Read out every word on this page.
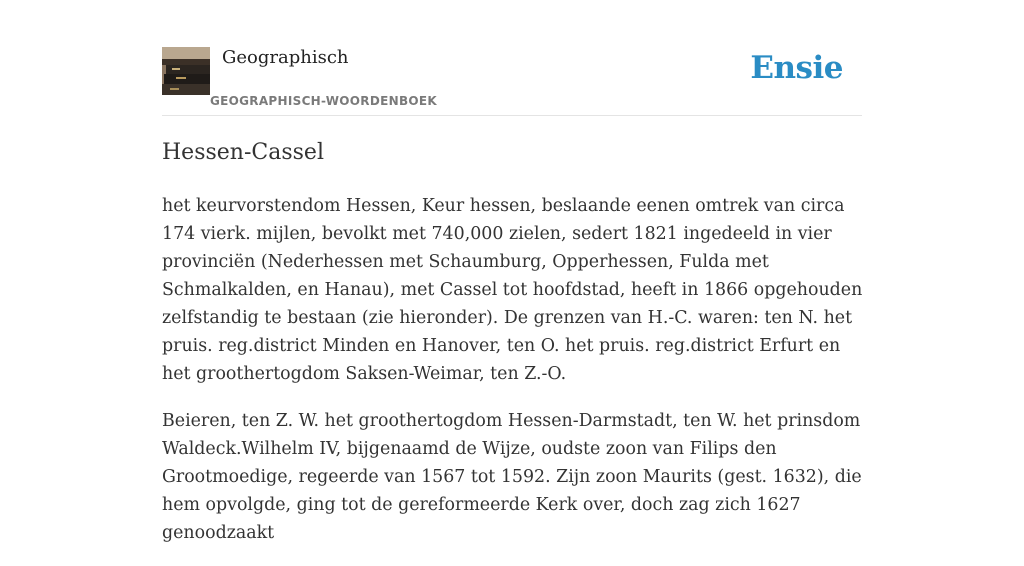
Geographisch
GEOGRAPHISCH-WOORDENBOEK
Ensie
Hessen-Cassel

het keurvorstendom Hessen, Keur hessen, beslaande eenen omtrek van circa 174 vierk. mijlen, bevolkt met 740,000 zielen, sedert 1821 ingedeeld in vier provinciën (Nederhessen met Schaumburg, Opperhessen, Fulda met Schmalkalden, en Hanau), met Cassel tot hoofdstad, heeft in 1866 opgehouden zelfstandig te bestaan (zie hieronder). De grenzen van H.-C. waren: ten N. het pruis. reg.district Minden en Hanover, ten O. het pruis. reg.district Erfurt en het groothertogdom Saksen-Weimar, ten Z.-O.

Beieren, ten Z. W. het groothertogdom Hessen-Darmstadt, ten W. het prinsdom Waldeck.Wilhelm IV, bijgenaamd de Wijze, oudste zoon van Filips den Grootmoedige, regeerde van 1567 tot 1592. Zijn zoon Maurits (gest. 1632), die hem opvolgde, ging tot de gereformeerde Kerk over, doch zag zich 1627 genoodzaakt
